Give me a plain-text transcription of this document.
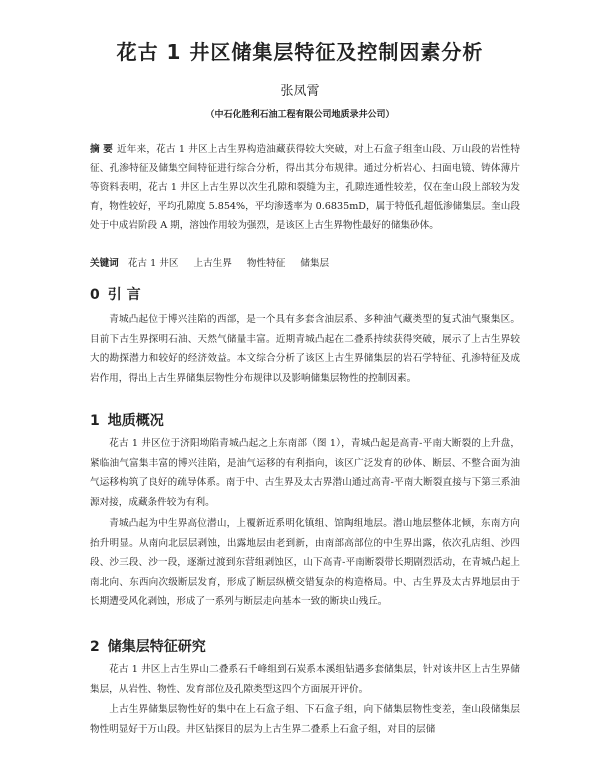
花古 1 井区储集层特征及控制因素分析
张凤霄
（中石化胜利石油工程有限公司地质录井公司）
摘 要 近年来，花古 1 井区上古生界构造油藏获得较大突破，对上石盒子组奎山段、万山段的岩性特征、孔渗特征及储集空间特征进行综合分析，得出其分布规律。通过分析岩心、扫面电镜、铸体薄片等资料表明，花古 1 井区上古生界以次生孔隙和裂缝为主，孔隙连通性较差，仅在奎山段上部较为发育，物性较好，平均孔隙度 5.854%，平均渗透率为 0.6835mD，属于特低孔超低渗储集层。奎山段处于中成岩阶段 A 期，溶蚀作用较为强烈，是该区上古生界物性最好的储集砂体。
关键词 花古 1 井区 上古生界 物性特征 储集层
0 引 言
青城凸起位于博兴洼陷的西部，是一个具有多套含油层系、多种油气藏类型的复式油气聚集区。目前下古生界探明石油、天然气储量丰富。近期青城凸起在二叠系持续获得突破，展示了上古生界较大的勘探潜力和较好的经济效益。本文综合分析了该区上古生界储集层的岩石学特征、孔渗特征及成岩作用，得出上古生界储集层物性分布规律以及影响储集层物性的控制因素。
1 地质概况
花古 1 井区位于济阳坳陷青城凸起之上东南部（图 1），青城凸起是高青-平南大断裂的上升盘，紧临油气富集丰富的博兴洼陷，是油气运移的有利指向，该区广泛发育的砂体、断层、不整合面为油气运移构筑了良好的疏导体系。南于中、古生界及太古界潜山通过高青-平南大断裂直接与下第三系油源对接，成藏条件较为有利。
青城凸起为中生界高位潜山，上覆新近系明化镇组、馆陶组地层。潜山地层整体北倾，东南方向抬升明显。从南向北层层剥蚀，出露地层由老到新，由南部高部位的中生界出露，依次孔店组、沙四段、沙三段、沙一段，逐渐过渡到东营组剥蚀区，山下高青-平南断裂带长期剧烈活动，在青城凸起上南北向、东西向次级断层发育，形成了断层纵横交错复杂的构造格局。中、古生界及太古界地层由于长期遭受风化剥蚀，形成了一系列与断层走向基本一致的断块山残丘。
2 储集层特征研究
花古 1 井区上古生界山二叠系石千峰组到石炭系本溪组钻遇多套储集层，针对该井区上古生界储集层，从岩性、物性、发育部位及孔隙类型这四个方面展开评价。
上古生界储集层物性好的集中在上石盒子组、下石盒子组，向下储集层物性变差，奎山段储集层物性明显好于万山段。井区钻探目的层为上古生界二叠系上石盒子组，对目的层储
